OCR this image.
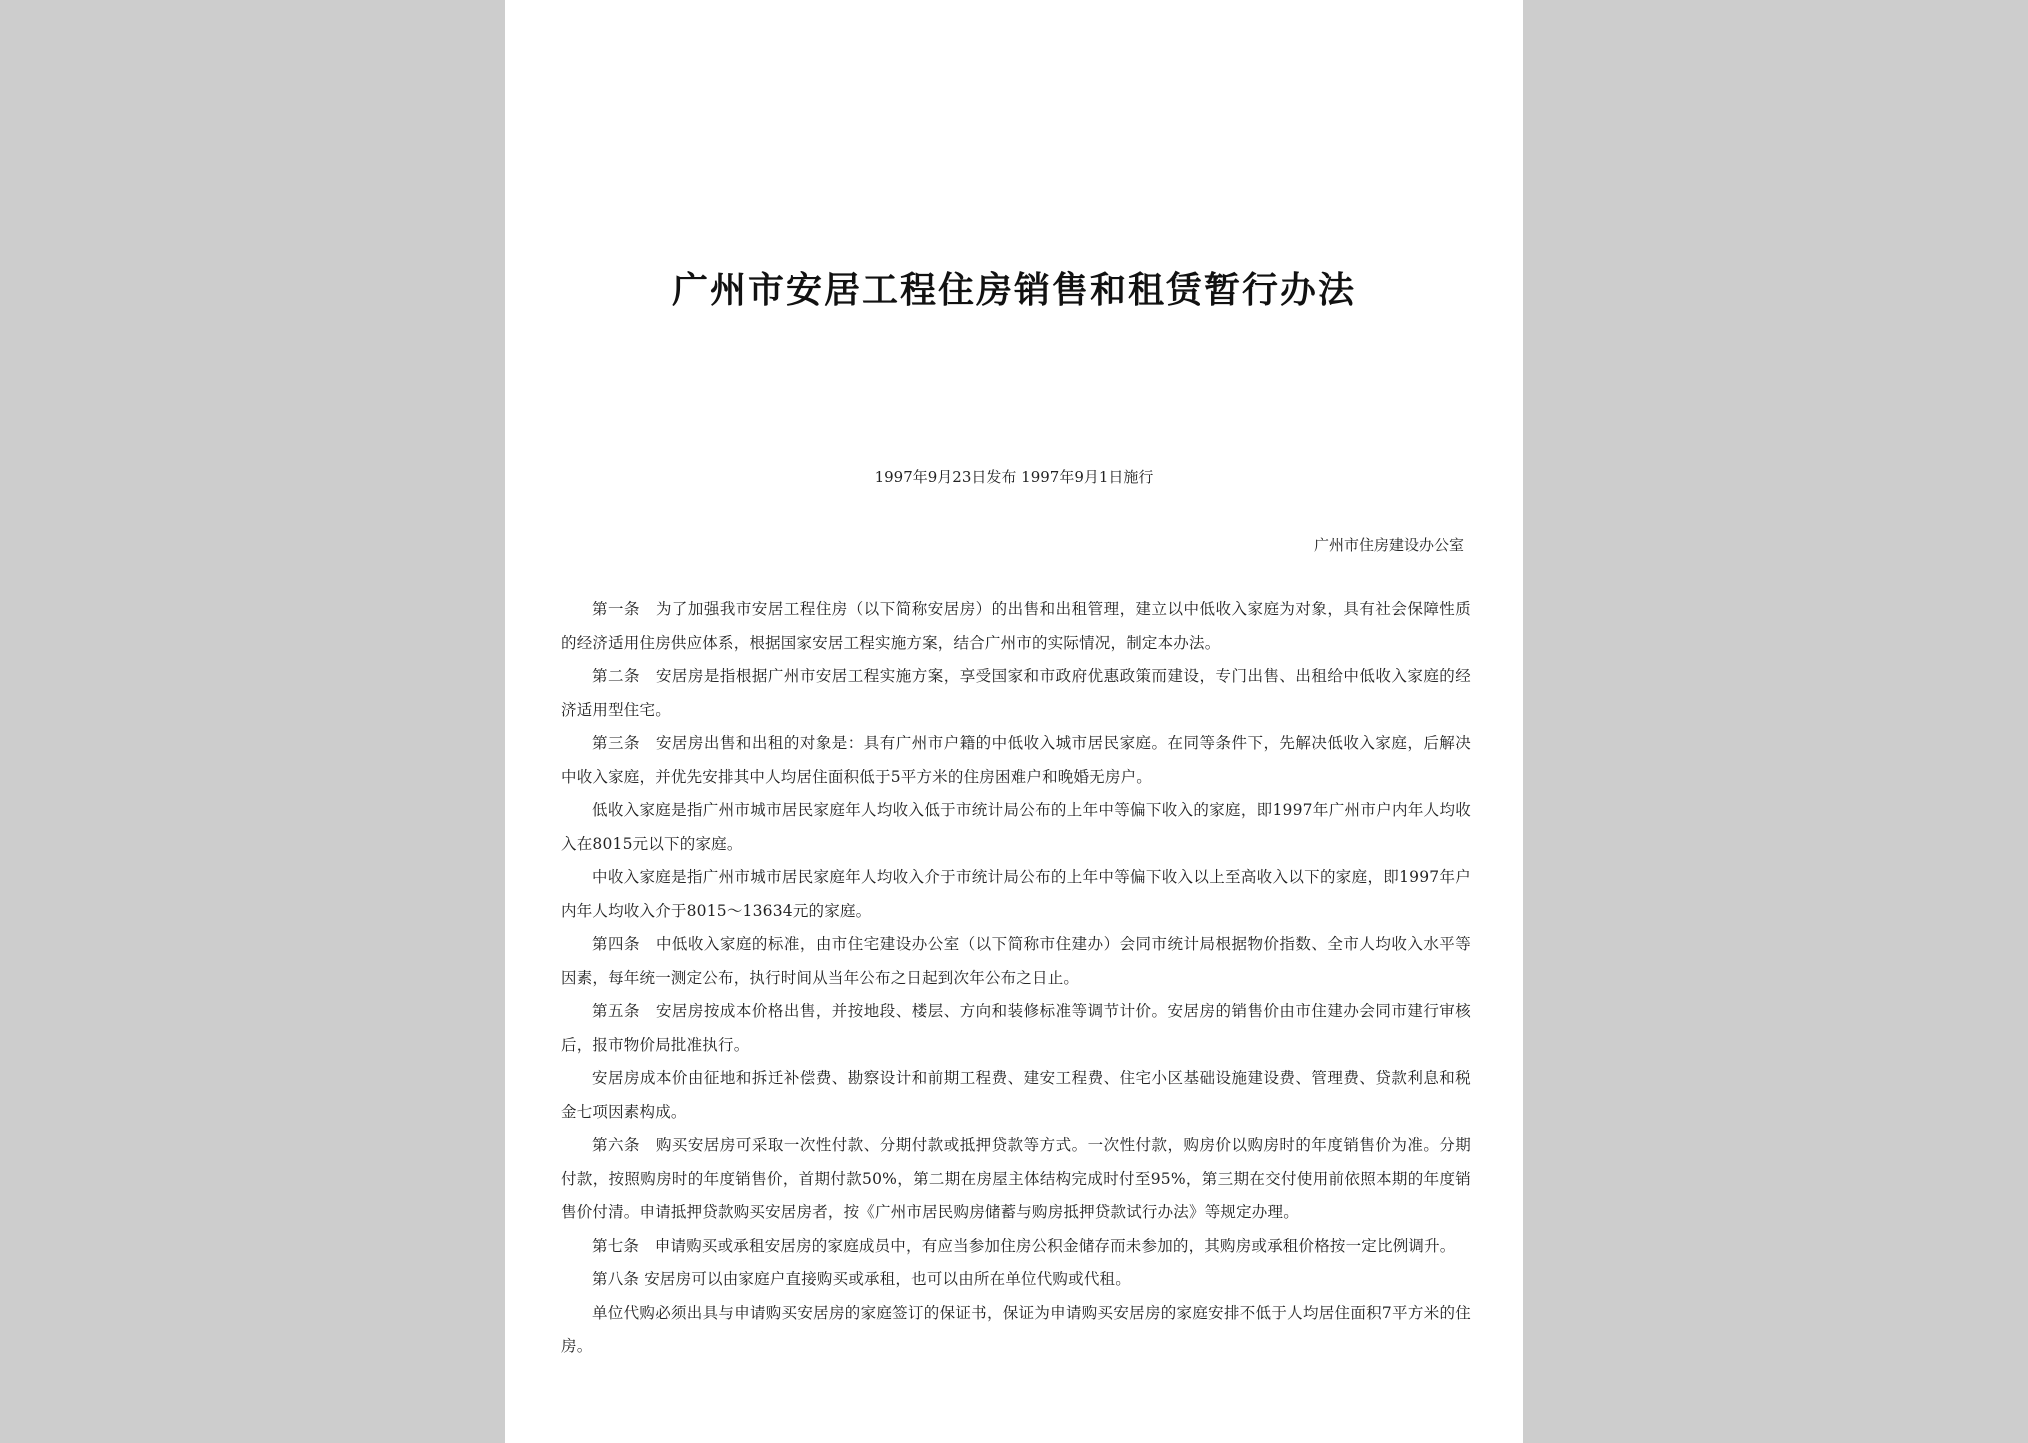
广州市安居工程住房销售和租赁暂行办法
1997年9月23日发布 1997年9月1日施行
广州市住房建设办公室

第一条　为了加强我市安居工程住房（以下简称安居房）的出售和出租管理，建立以中低收入家庭为对象，具有社会保障性质的经济适用住房供应体系，根据国家安居工程实施方案，结合广州市的实际情况，制定本办法。

第二条　安居房是指根据广州市安居工程实施方案，享受国家和市政府优惠政策而建设，专门出售、出租给中低收入家庭的经济适用型住宅。

第三条　安居房出售和出租的对象是：具有广州市户籍的中低收入城市居民家庭。在同等条件下，先解决低收入家庭，后解决中收入家庭，并优先安排其中人均居住面积低于5平方米的住房困难户和晚婚无房户。

低收入家庭是指广州市城市居民家庭年人均收入低于市统计局公布的上年中等偏下收入的家庭，即1997年广州市户内年人均收入在8015元以下的家庭。

中收入家庭是指广州市城市居民家庭年人均收入介于市统计局公布的上年中等偏下收入以上至高收入以下的家庭，即1997年户内年人均收入介于8015～13634元的家庭。

第四条　中低收入家庭的标准，由市住宅建设办公室（以下简称市住建办）会同市统计局根据物价指数、全市人均收入水平等因素，每年统一测定公布，执行时间从当年公布之日起到次年公布之日止。

第五条　安居房按成本价格出售，并按地段、楼层、方向和装修标准等调节计价。安居房的销售价由市住建办会同市建行审核后，报市物价局批准执行。

安居房成本价由征地和拆迁补偿费、勘察设计和前期工程费、建安工程费、住宅小区基础设施建设费、管理费、贷款利息和税金七项因素构成。

第六条　购买安居房可采取一次性付款、分期付款或抵押贷款等方式。一次性付款，购房价以购房时的年度销售价为准。分期付款，按照购房时的年度销售价，首期付款50%，第二期在房屋主体结构完成时付至95%，第三期在交付使用前依照本期的年度销售价付清。申请抵押贷款购买安居房者，按《广州市居民购房储蓄与购房抵押贷款试行办法》等规定办理。

第七条　申请购买或承租安居房的家庭成员中，有应当参加住房公积金储存而未参加的，其购房或承租价格按一定比例调升。

第八条 安居房可以由家庭户直接购买或承租，也可以由所在单位代购或代租。

单位代购必须出具与申请购买安居房的家庭签订的保证书，保证为申请购买安居房的家庭安排不低于人均居住面积7平方米的住房。
